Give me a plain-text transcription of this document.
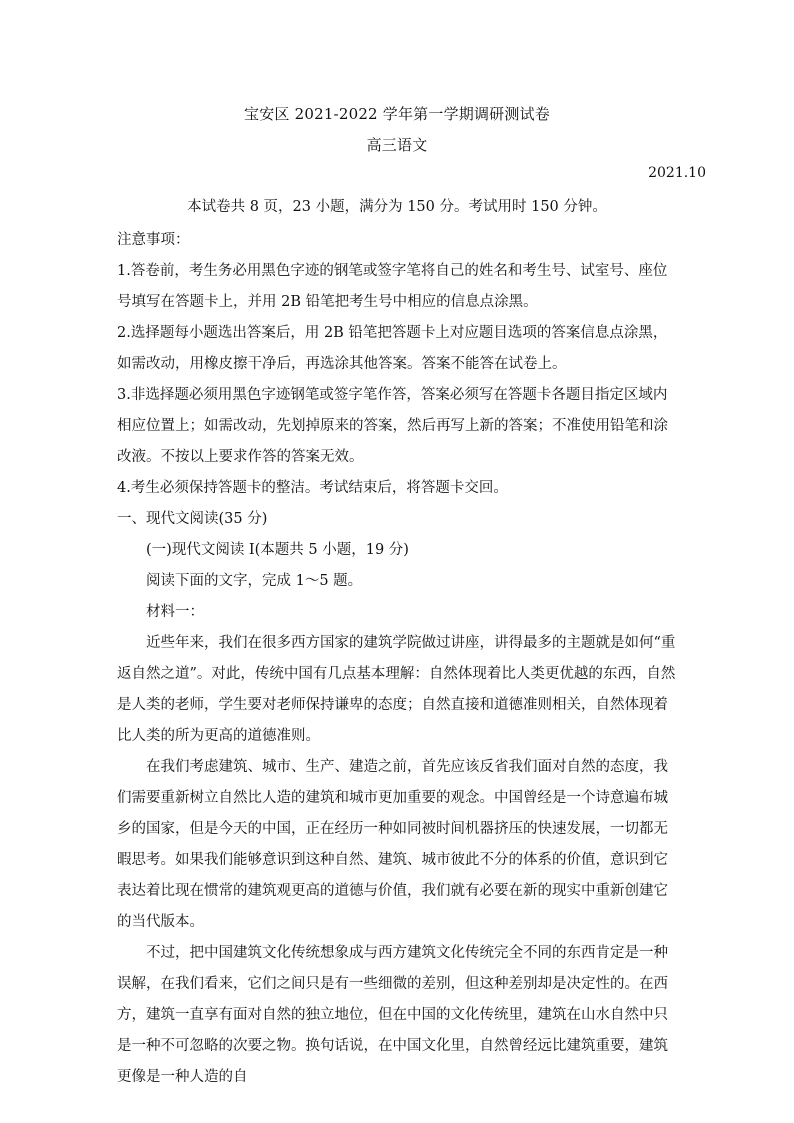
宝安区 2021-2022 学年第一学期调研测试卷
高三语文
2021.10
本试卷共 8 页，23 小题，满分为 150 分。考试用时 150 分钟。

注意事项：

1.答卷前，考生务必用黑色字迹的钢笔或签字笔将自己的姓名和考生号、试室号、座位号填写在答题卡上，并用 2B 铅笔把考生号中相应的信息点涂黑。

2.选择题每小题选出答案后，用 2B 铅笔把答题卡上对应题目选项的答案信息点涂黑，如需改动，用橡皮擦干净后，再选涂其他答案。答案不能答在试卷上。

3.非选择题必须用黑色字迹钢笔或签字笔作答，答案必须写在答题卡各题目指定区域内相应位置上；如需改动，先划掉原来的答案，然后再写上新的答案；不准使用铅笔和涂改液。不按以上要求作答的答案无效。

4.考生必须保持答题卡的整洁。考试结束后，将答题卡交回。

一、现代文阅读(35 分)

(一)现代文阅读 I(本题共 5 小题，19 分)

阅读下面的文字，完成 1～5 题。

材料一：

近些年来，我们在很多西方国家的建筑学院做过讲座，讲得最多的主题就是如何“重返自然之道”。对此，传统中国有几点基本理解：自然体现着比人类更优越的东西，自然是人类的老师，学生要对老师保持谦卑的态度；自然直接和道德准则相关，自然体现着比人类的所为更高的道德准则。

在我们考虑建筑、城市、生产、建造之前，首先应该反省我们面对自然的态度，我们需要重新树立自然比人造的建筑和城市更加重要的观念。中国曾经是一个诗意遍布城乡的国家，但是今天的中国，正在经历一种如同被时间机器挤压的快速发展，一切都无暇思考。如果我们能够意识到这种自然、建筑、城市彼此不分的体系的价值，意识到它表达着比现在惯常的建筑观更高的道德与价值，我们就有必要在新的现实中重新创建它的当代版本。

不过，把中国建筑文化传统想象成与西方建筑文化传统完全不同的东西肯定是一种误解，在我们看来，它们之间只是有一些细微的差别，但这种差别却是决定性的。在西方，建筑一直享有面对自然的独立地位，但在中国的文化传统里，建筑在山水自然中只是一种不可忽略的次要之物。换句话说，在中国文化里，自然曾经远比建筑重要，建筑更像是一种人造的自
